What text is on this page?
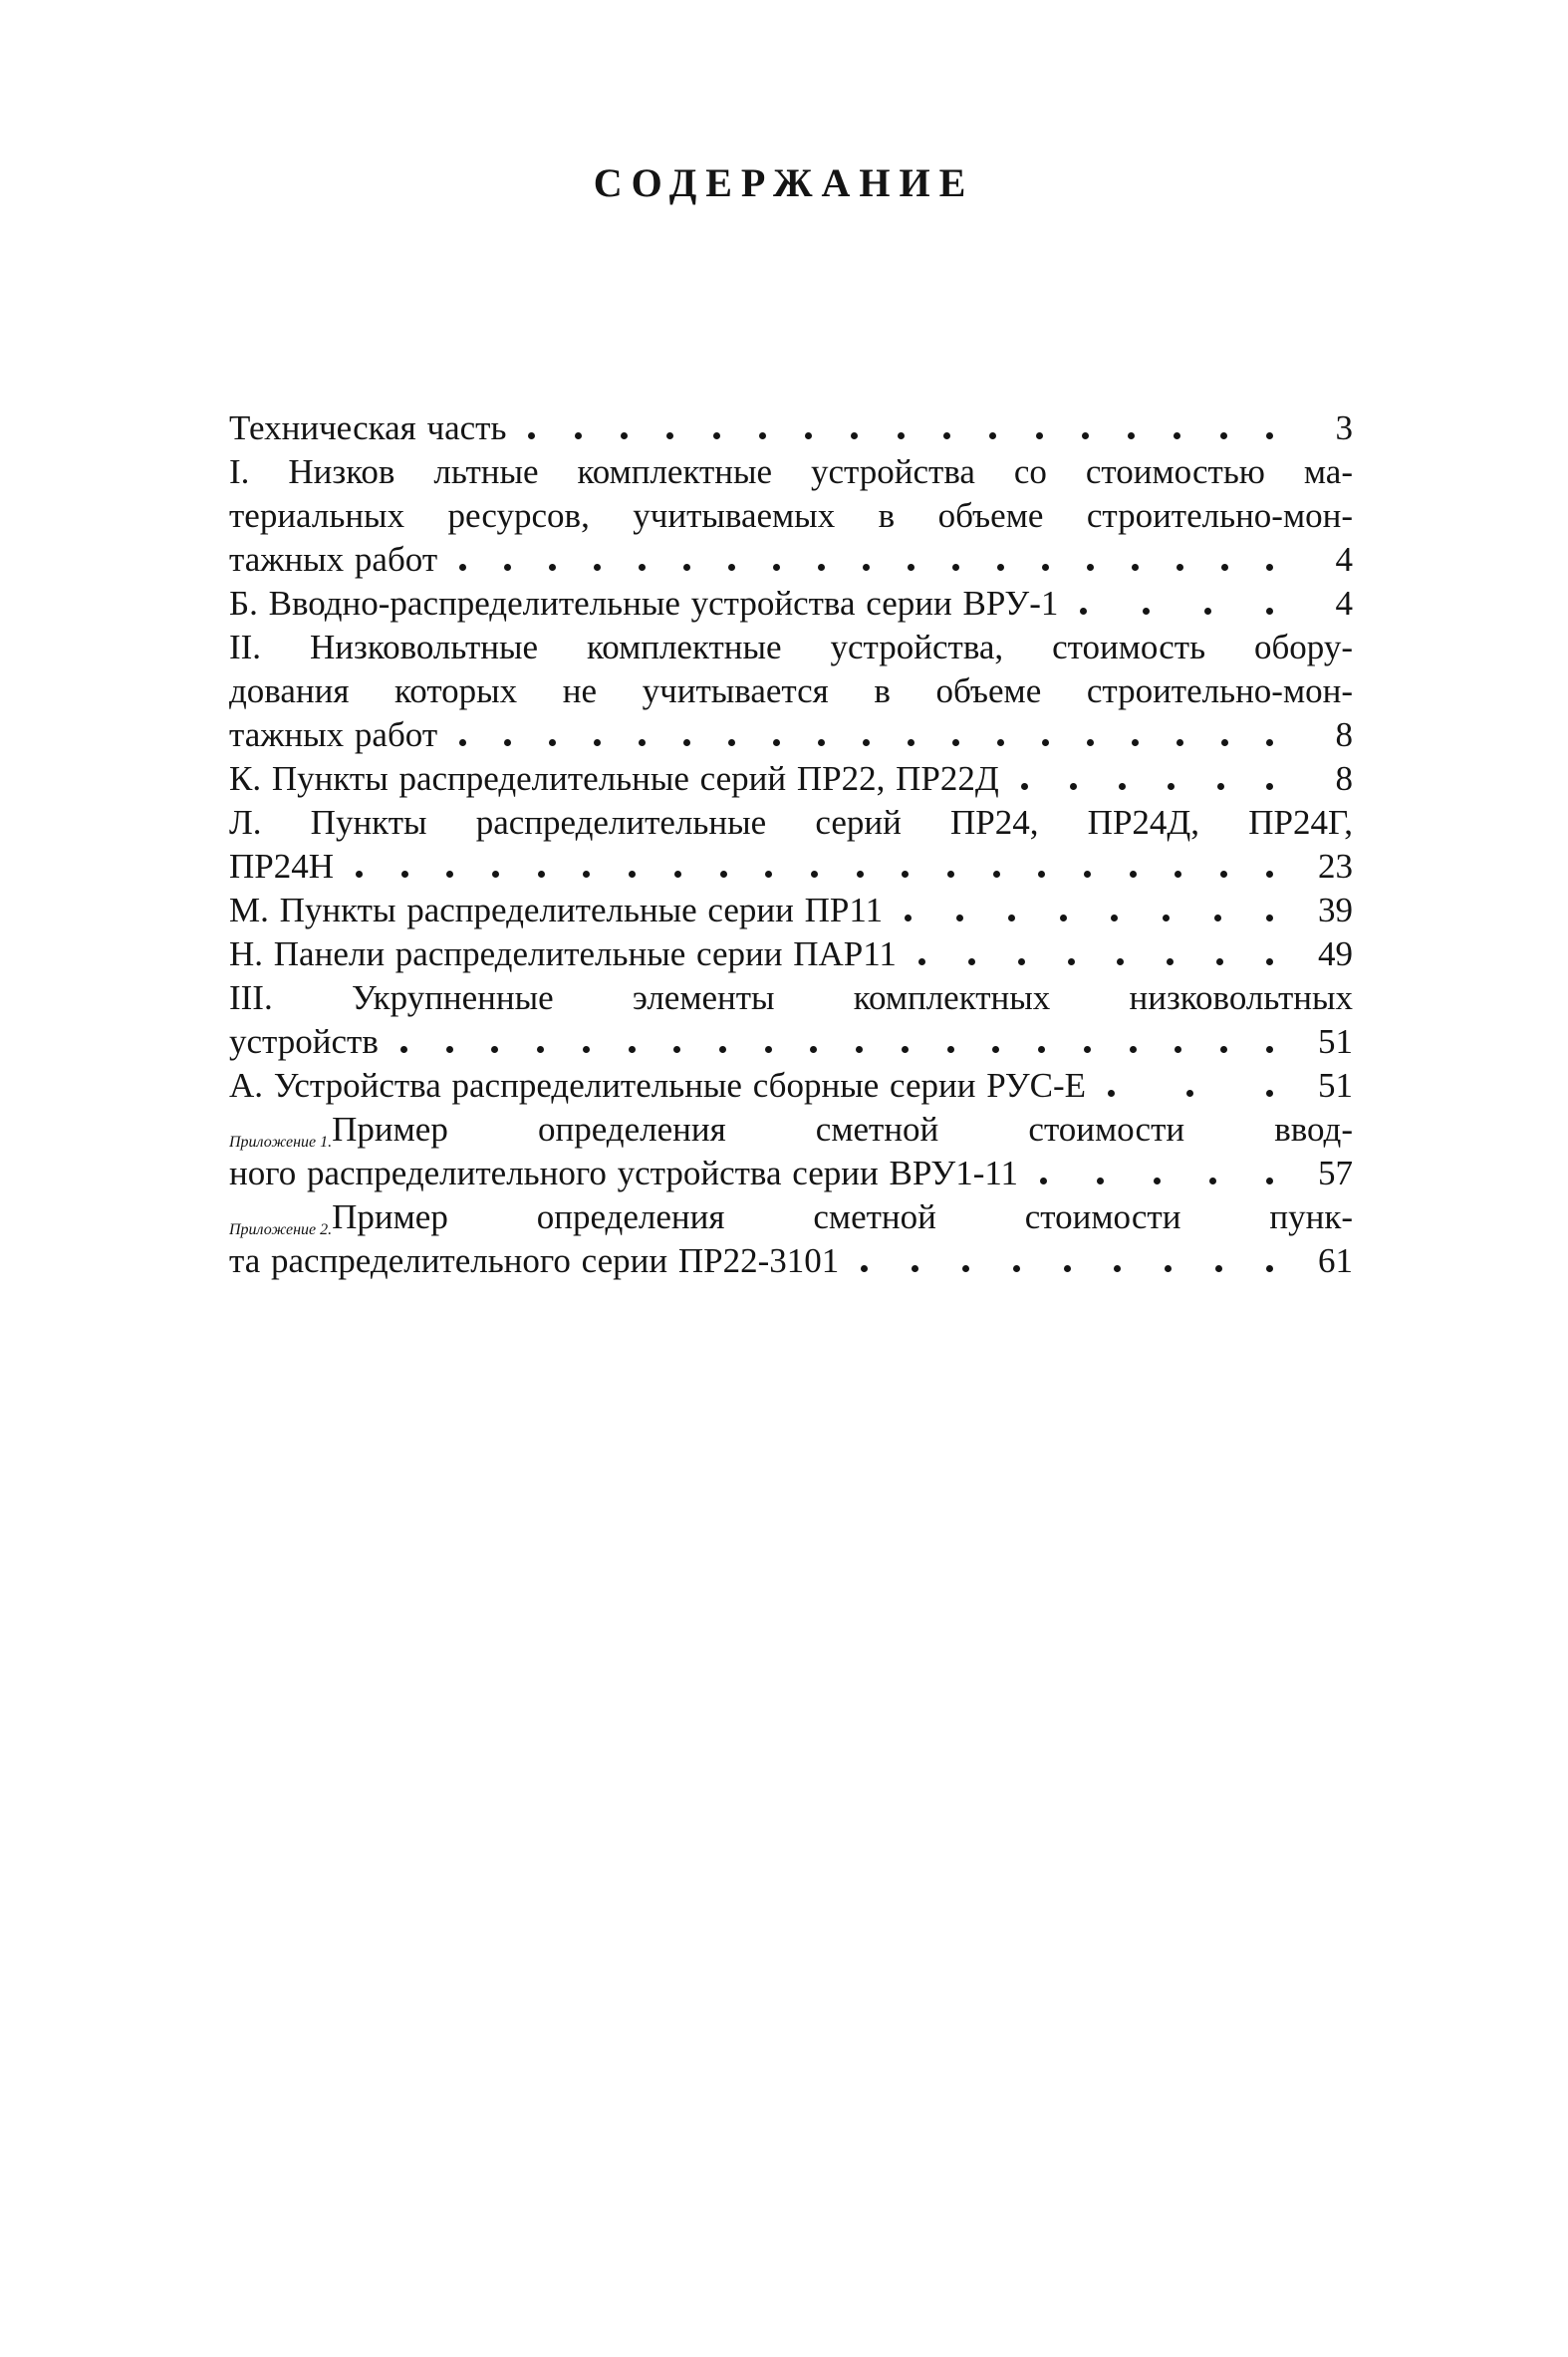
СОДЕРЖАНИЕ
Техническая часть	3
I. Низков льтные комплектные устройства со стоимостью ма-
териальных ресурсов, учитываемых в объеме строительно-мон-
тажных работ	4
Б. Вводно-распределительные устройства серии ВРУ-1	4
II. Низковольтные комплектные устройства, стоимость обору-
дования которых не учитывается в объеме строительно-мон-
тажных работ	8
К. Пункты распределительные серий ПР22, ПР22Д	8
Л. Пункты распределительные серий ПР24, ПР24Д, ПР24Г,
ПР24Н	23
М. Пункты распределительные серии ПР11	39
Н. Панели распределительные серии ПАР11	49
III. Укрупненные элементы комплектных низковольтных
устройств	51
А. Устройства распределительные сборные серии РУС-Е	51
Приложение 1. Пример определения сметной стоимости ввод-
ного распределительного устройства серии ВРУ1-11	57
Приложение 2. Пример определения сметной стоимости пунк-
та распределительного серии ПР22-3101	61
